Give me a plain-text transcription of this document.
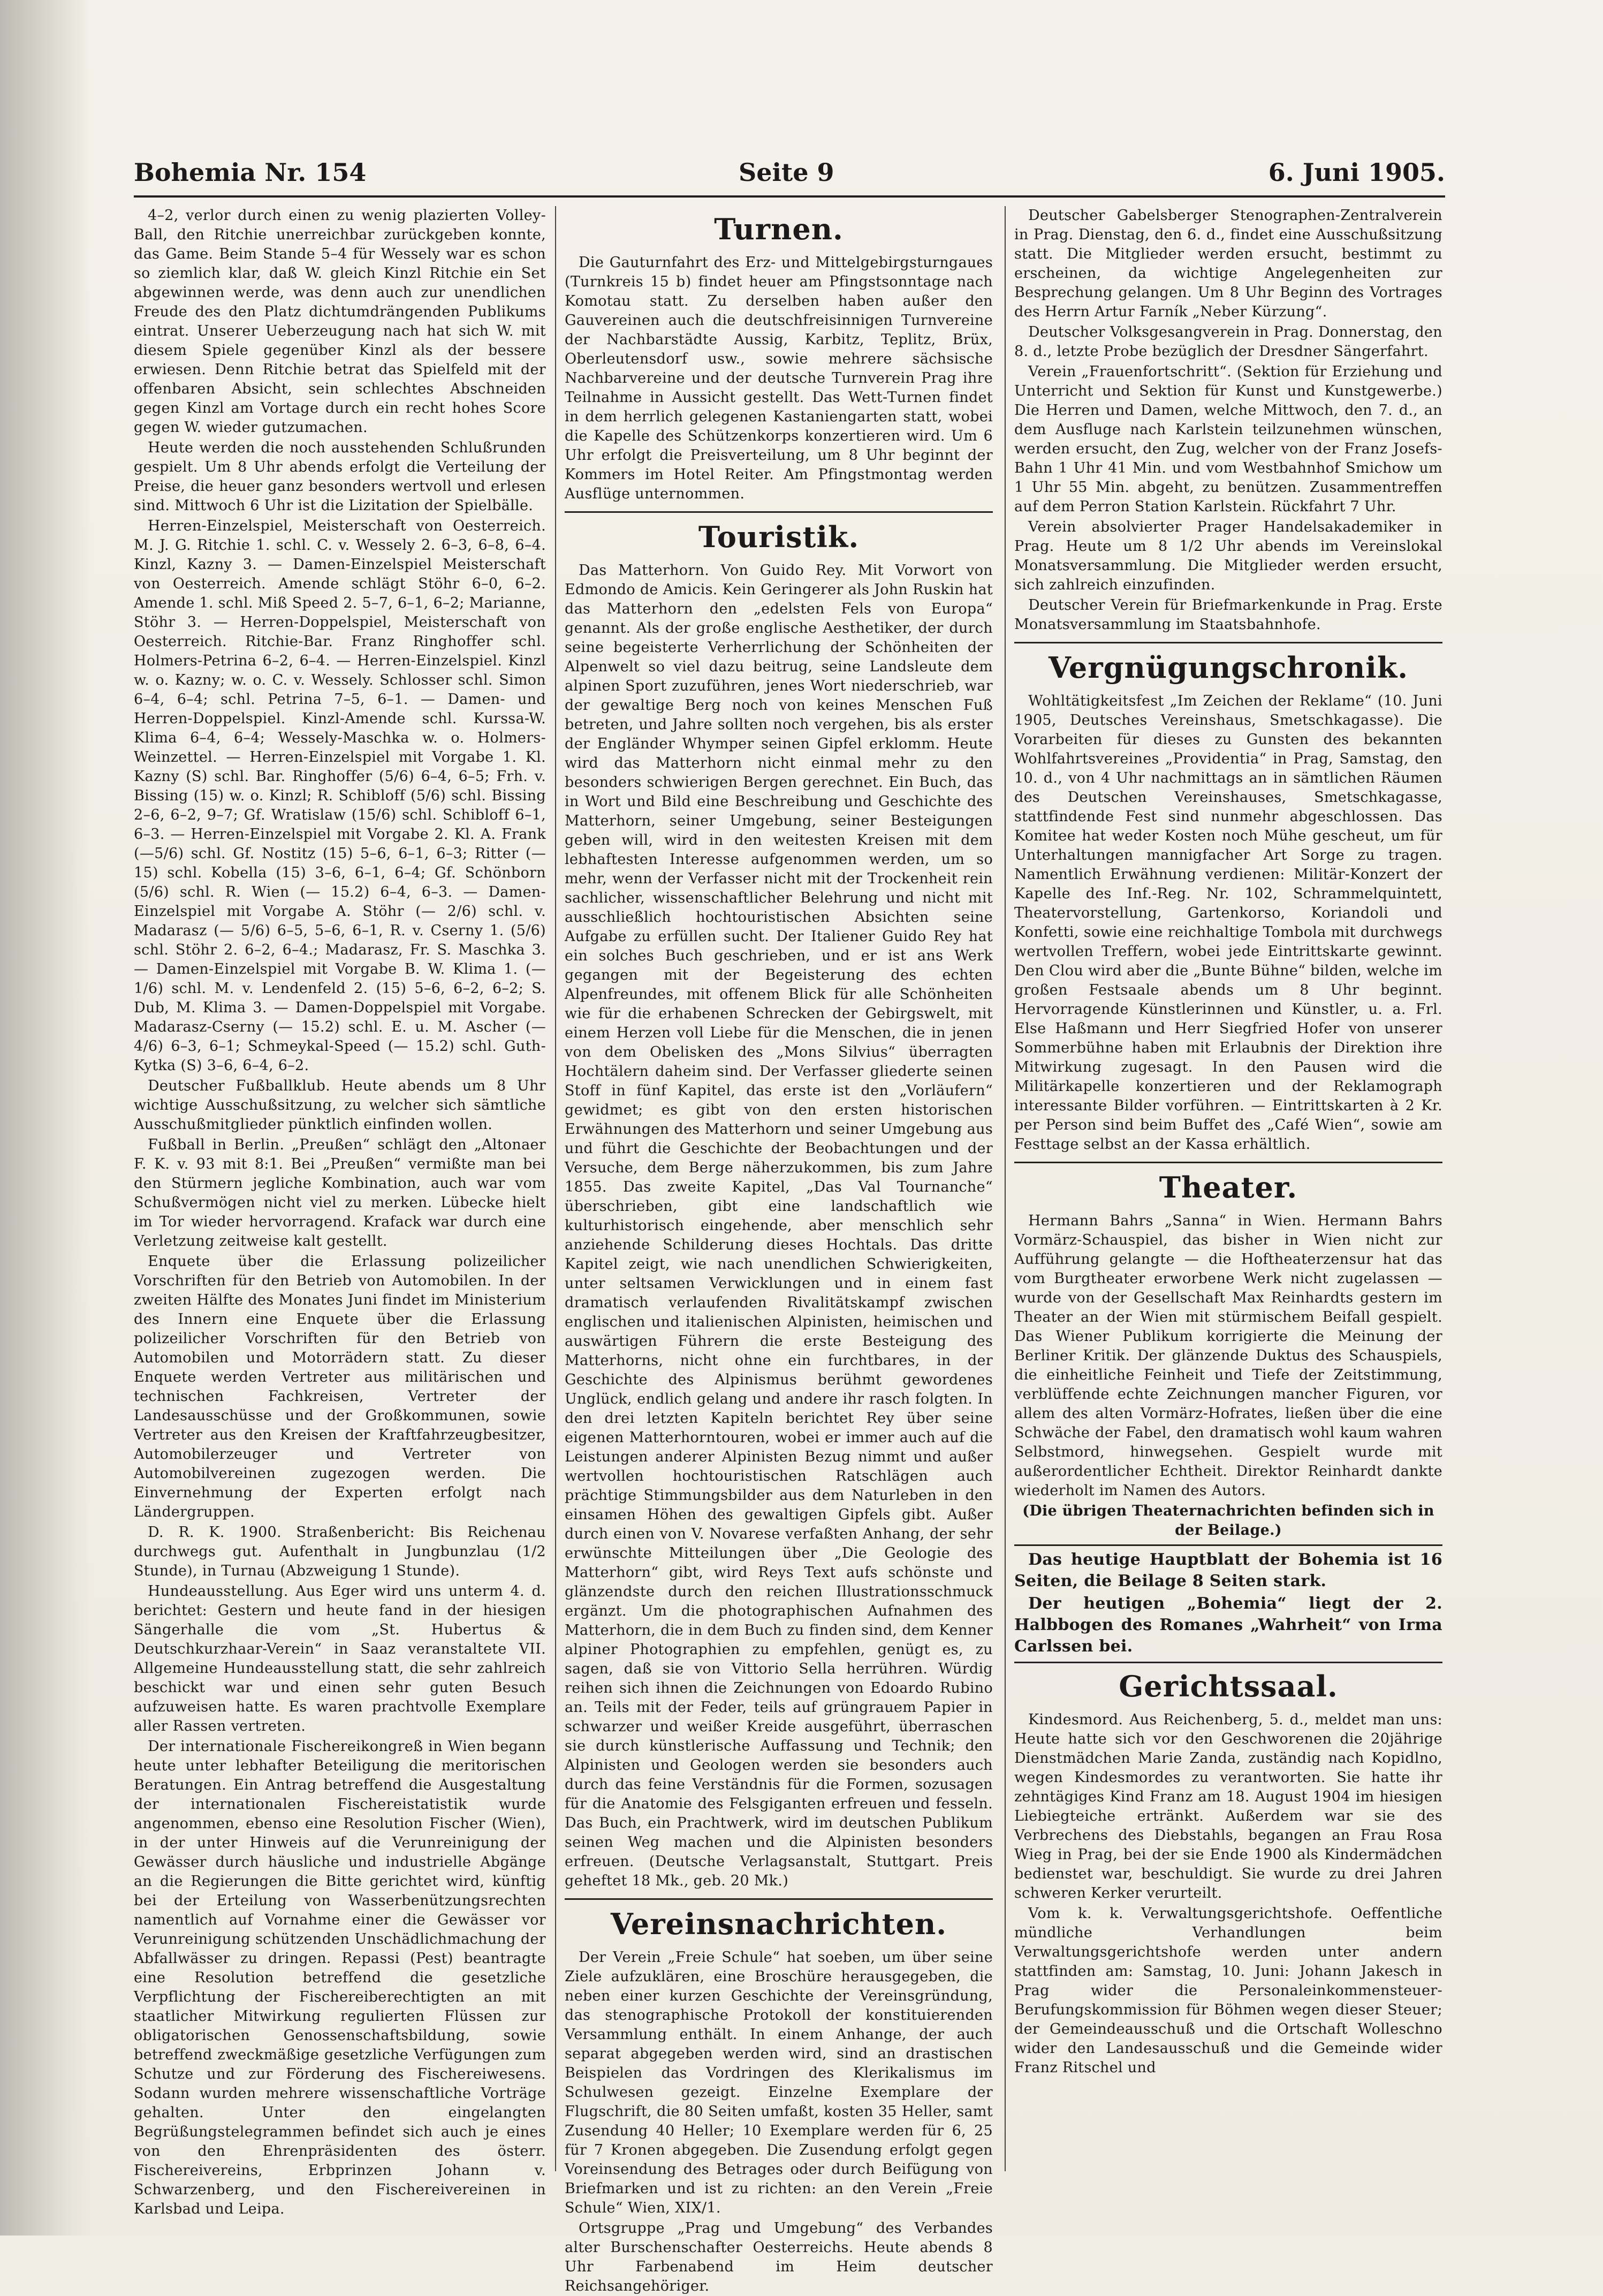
Bohemia Nr. 154	Seite 9	6. Juni 1905.

4–2, verlor durch einen zu wenig plazierten Volley-Ball, den Ritchie unerreichbar zurückgeben konnte, das Game. Beim Stande 5–4 für Wessely war es schon so ziemlich klar, daß W. gleich Kinzl Ritchie ein Set abgewinnen werde, was denn auch zur unendlichen Freude des den Platz dichtumdrängenden Publikums eintrat. Unserer Ueberzeugung nach hat sich W. mit diesem Spiele gegenüber Kinzl als der bessere erwiesen. Denn Ritchie betrat das Spielfeld mit der offenbaren Absicht, sein schlechtes Abschneiden gegen Kinzl am Vortage durch ein recht hohes Score gegen W. wieder gutzumachen.

Heute werden die noch ausstehenden Schlußrunden gespielt. Um 8 Uhr abends erfolgt die Verteilung der Preise, die heuer ganz besonders wertvoll und erlesen sind. Mittwoch 6 Uhr ist die Lizitation der Spielbälle.

Herren-Einzelspiel, Meisterschaft von Oesterreich. M. J. G. Ritchie 1. schl. C. v. Wessely 2. 6–3, 6–8, 6–4. Kinzl, Kazny 3. — Damen-Einzelspiel Meisterschaft von Oesterreich. Amende schlägt Stöhr 6–0, 6–2. Amende 1. schl. Miß Speed 2. 5–7, 6–1, 6–2; Marianne, Stöhr 3. — Herren-Doppelspiel, Meisterschaft von Oesterreich. Ritchie-Bar. Franz Ringhoffer schl. Holmers-Petrina 6–2, 6–4. — Herren-Einzelspiel. Kinzl w. o. Kazny; w. o. C. v. Wessely. Schlosser schl. Simon 6–4, 6–4; schl. Petrina 7–5, 6–1. — Damen- und Herren-Doppelspiel. Kinzl-Amende schl. Kurssa-W. Klima 6–4, 6–4; Wessely-Maschka w. o. Holmers-Weinzettel. — Herren-Einzelspiel mit Vorgabe 1. Kl. Kazny (S) schl. Bar. Ringhoffer (5/6) 6–4, 6–5; Frh. v. Bissing (15) w. o. Kinzl; R. Schibloff (5/6) schl. Bissing 2–6, 6–2, 9–7; Gf. Wratislaw (15/6) schl. Schibloff 6–1, 6–3. — Herren-Einzelspiel mit Vorgabe 2. Kl. A. Frank (—5/6) schl. Gf. Nostitz (15) 5–6, 6–1, 6–3; Ritter (—15) schl. Kobella (15) 3–6, 6–1, 6–4; Gf. Schönborn (5/6) schl. R. Wien (— 15.2) 6–4, 6–3. — Damen-Einzelspiel mit Vorgabe A. Stöhr (— 2/6) schl. v. Madarasz (— 5/6) 6–5, 5–6, 6–1, R. v. Cserny 1. (5/6) schl. Stöhr 2. 6–2, 6–4.; Madarasz, Fr. S. Maschka 3. — Damen-Einzelspiel mit Vorgabe B. W. Klima 1. (—1/6) schl. M. v. Lendenfeld 2. (15) 5–6, 6–2, 6–2; S. Dub, M. Klima 3. — Damen-Doppelspiel mit Vorgabe. Madarasz-Cserny (— 15.2) schl. E. u. M. Ascher (— 4/6) 6–3, 6–1; Schmeykal-Speed (— 15.2) schl. Guth-Kytka (S) 3–6, 6–4, 6–2.

Deutscher Fußballklub. Heute abends um 8 Uhr wichtige Ausschußsitzung, zu welcher sich sämtliche Ausschußmitglieder pünktlich einfinden wollen.

Fußball in Berlin. „Preußen“ schlägt den „Altonaer F. K. v. 93 mit 8:1. Bei „Preußen“ vermißte man bei den Stürmern jegliche Kombination, auch war vom Schußvermögen nicht viel zu merken. Lübecke hielt im Tor wieder hervorragend. Krafack war durch eine Verletzung zeitweise kalt gestellt.

Enquete über die Erlassung polizeilicher Vorschriften für den Betrieb von Automobilen. In der zweiten Hälfte des Monates Juni findet im Ministerium des Innern eine Enquete über die Erlassung polizeilicher Vorschriften für den Betrieb von Automobilen und Motorrädern statt. Zu dieser Enquete werden Vertreter aus militärischen und technischen Fachkreisen, Vertreter der Landesausschüsse und der Großkommunen, sowie Vertreter aus den Kreisen der Kraftfahrzeugbesitzer, Automobilerzeuger und Vertreter von Automobilvereinen zugezogen werden. Die Einvernehmung der Experten erfolgt nach Ländergruppen.

D. R. K. 1900. Straßenbericht: Bis Reichenau durchwegs gut. Aufenthalt in Jungbunzlau (1/2 Stunde), in Turnau (Abzweigung 1 Stunde).

Hundeausstellung. Aus Eger wird uns unterm 4. d. berichtet: Gestern und heute fand in der hiesigen Sängerhalle die vom „St. Hubertus & Deutschkurzhaar-Verein“ in Saaz veranstaltete VII. Allgemeine Hundeausstellung statt, die sehr zahlreich beschickt war und einen sehr guten Besuch aufzuweisen hatte. Es waren prachtvolle Exemplare aller Rassen vertreten.

Der internationale Fischereikongreß in Wien begann heute unter lebhafter Beteiligung die meritorischen Beratungen. Ein Antrag betreffend die Ausgestaltung der internationalen Fischereistatistik wurde angenommen, ebenso eine Resolution Fischer (Wien), in der unter Hinweis auf die Verunreinigung der Gewässer durch häusliche und industrielle Abgänge an die Regierungen die Bitte gerichtet wird, künftig bei der Erteilung von Wasserbenützungsrechten namentlich auf Vornahme einer die Gewässer vor Verunreinigung schützenden Unschädlichmachung der Abfallwässer zu dringen. Repassi (Pest) beantragte eine Resolution betreffend die gesetzliche Verpflichtung der Fischereiberechtigten an mit staatlicher Mitwirkung regulierten Flüssen zur obligatorischen Genossenschaftsbildung, sowie betreffend zweckmäßige gesetzliche Verfügungen zum Schutze und zur Förderung des Fischereiwesens. Sodann wurden mehrere wissenschaftliche Vorträge gehalten. Unter den eingelangten Begrüßungstelegrammen befindet sich auch je eines von den Ehrenpräsidenten des österr. Fischereivereins, Erbprinzen Johann v. Schwarzenberg, und den Fischereivereinen in Karlsbad und Leipa.

Turnen.

Die Gauturnfahrt des Erz- und Mittelgebirgsturngaues (Turnkreis 15 b) findet heuer am Pfingstsonntage nach Komotau statt. Zu derselben haben außer den Gauvereinen auch die deutschfreisinnigen Turnvereine der Nachbarstädte Aussig, Karbitz, Teplitz, Brüx, Oberleutensdorf usw., sowie mehrere sächsische Nachbarvereine und der deutsche Turnverein Prag ihre Teilnahme in Aussicht gestellt. Das Wett-Turnen findet in dem herrlich gelegenen Kastaniengarten statt, wobei die Kapelle des Schützenkorps konzertieren wird. Um 6 Uhr erfolgt die Preisverteilung, um 8 Uhr beginnt der Kommers im Hotel Reiter. Am Pfingstmontag werden Ausflüge unternommen.

Touristik.

Das Matterhorn. Von Guido Rey. Mit Vorwort von Edmondo de Amicis. Kein Geringerer als John Ruskin hat das Matterhorn den „edelsten Fels von Europa“ genannt. Als der große englische Aesthetiker, der durch seine begeisterte Verherrlichung der Schönheiten der Alpenwelt so viel dazu beitrug, seine Landsleute dem alpinen Sport zuzuführen, jenes Wort niederschrieb, war der gewaltige Berg noch von keines Menschen Fuß betreten, und Jahre sollten noch vergehen, bis als erster der Engländer Whymper seinen Gipfel erklomm. Heute wird das Matterhorn nicht einmal mehr zu den besonders schwierigen Bergen gerechnet. Ein Buch, das in Wort und Bild eine Beschreibung und Geschichte des Matterhorn, seiner Umgebung, seiner Besteigungen geben will, wird in den weitesten Kreisen mit dem lebhaftesten Interesse aufgenommen werden, um so mehr, wenn der Verfasser nicht mit der Trockenheit rein sachlicher, wissenschaftlicher Belehrung und nicht mit ausschließlich hochtouristischen Absichten seine Aufgabe zu erfüllen sucht. Der Italiener Guido Rey hat ein solches Buch geschrieben, und er ist ans Werk gegangen mit der Begeisterung des echten Alpenfreundes, mit offenem Blick für alle Schönheiten wie für die erhabenen Schrecken der Gebirgswelt, mit einem Herzen voll Liebe für die Menschen, die in jenen von dem Obelisken des „Mons Silvius“ überragten Hochtälern daheim sind. Der Verfasser gliederte seinen Stoff in fünf Kapitel, das erste ist den „Vorläufern“ gewidmet; es gibt von den ersten historischen Erwähnungen des Matterhorn und seiner Umgebung aus und führt die Geschichte der Beobachtungen und der Versuche, dem Berge näherzukommen, bis zum Jahre 1855. Das zweite Kapitel, „Das Val Tournanche“ überschrieben, gibt eine landschaftlich wie kulturhistorisch eingehende, aber menschlich sehr anziehende Schilderung dieses Hochtals. Das dritte Kapitel zeigt, wie nach unendlichen Schwierigkeiten, unter seltsamen Verwicklungen und in einem fast dramatisch verlaufenden Rivalitätskampf zwischen englischen und italienischen Alpinisten, heimischen und auswärtigen Führern die erste Besteigung des Matterhorns, nicht ohne ein furchtbares, in der Geschichte des Alpinismus berühmt gewordenes Unglück, endlich gelang und andere ihr rasch folgten. In den drei letzten Kapiteln berichtet Rey über seine eigenen Matterhorntouren, wobei er immer auch auf die Leistungen anderer Alpinisten Bezug nimmt und außer wertvollen hochtouristischen Ratschlägen auch prächtige Stimmungsbilder aus dem Naturleben in den einsamen Höhen des gewaltigen Gipfels gibt. Außer durch einen von V. Novarese verfaßten Anhang, der sehr erwünschte Mitteilungen über „Die Geologie des Matterhorn“ gibt, wird Reys Text aufs schönste und glänzendste durch den reichen Illustrationsschmuck ergänzt. Um die photographischen Aufnahmen des Matterhorn, die in dem Buch zu finden sind, dem Kenner alpiner Photographien zu empfehlen, genügt es, zu sagen, daß sie von Vittorio Sella herrühren. Würdig reihen sich ihnen die Zeichnungen von Edoardo Rubino an. Teils mit der Feder, teils auf grüngrauem Papier in schwarzer und weißer Kreide ausgeführt, überraschen sie durch künstlerische Auffassung und Technik; den Alpinisten und Geologen werden sie besonders auch durch das feine Verständnis für die Formen, sozusagen für die Anatomie des Felsgiganten erfreuen und fesseln. Das Buch, ein Prachtwerk, wird im deutschen Publikum seinen Weg machen und die Alpinisten besonders erfreuen. (Deutsche Verlagsanstalt, Stuttgart. Preis geheftet 18 Mk., geb. 20 Mk.)

Vereinsnachrichten.

Der Verein „Freie Schule“ hat soeben, um über seine Ziele aufzuklären, eine Broschüre herausgegeben, die neben einer kurzen Geschichte der Vereinsgründung, das stenographische Protokoll der konstituierenden Versammlung enthält. In einem Anhange, der auch separat abgegeben werden wird, sind an drastischen Beispielen das Vordringen des Klerikalismus im Schulwesen gezeigt. Einzelne Exemplare der Flugschrift, die 80 Seiten umfaßt, kosten 35 Heller, samt Zusendung 40 Heller; 10 Exemplare werden für 6, 25 für 7 Kronen abgegeben. Die Zusendung erfolgt gegen Voreinsendung des Betrages oder durch Beifügung von Briefmarken und ist zu richten: an den Verein „Freie Schule“ Wien, XIX/1.

Ortsgruppe „Prag und Umgebung“ des Verbandes alter Burschenschafter Oesterreichs. Heute abends 8 Uhr Farbenabend im Heim deutscher Reichsangehöriger.

Deutscher Gabelsberger Stenographen-Zentralverein in Prag. Dienstag, den 6. d., findet eine Ausschußsitzung statt. Die Mitglieder werden ersucht, bestimmt zu erscheinen, da wichtige Angelegenheiten zur Besprechung gelangen. Um 8 Uhr Beginn des Vortrages des Herrn Artur Farník „Neber Kürzung“.

Deutscher Volksgesangverein in Prag. Donnerstag, den 8. d., letzte Probe bezüglich der Dresdner Sängerfahrt.

Verein „Frauenfortschritt“. (Sektion für Erziehung und Unterricht und Sektion für Kunst und Kunstgewerbe.) Die Herren und Damen, welche Mittwoch, den 7. d., an dem Ausfluge nach Karlstein teilzunehmen wünschen, werden ersucht, den Zug, welcher von der Franz Josefs-Bahn 1 Uhr 41 Min. und vom Westbahnhof Smichow um 1 Uhr 55 Min. abgeht, zu benützen. Zusammentreffen auf dem Perron Station Karlstein. Rückfahrt 7 Uhr.

Verein absolvierter Prager Handelsakademiker in Prag. Heute um 8 1/2 Uhr abends im Vereinslokal Monatsversammlung. Die Mitglieder werden ersucht, sich zahlreich einzufinden.

Deutscher Verein für Briefmarkenkunde in Prag. Erste Monatsversammlung im Staatsbahnhofe.

Vergnügungschronik.

Wohltätigkeitsfest „Im Zeichen der Reklame“ (10. Juni 1905, Deutsches Vereinshaus, Smetschkagasse). Die Vorarbeiten für dieses zu Gunsten des bekannten Wohlfahrtsvereines „Providentia“ in Prag, Samstag, den 10. d., von 4 Uhr nachmittags an in sämtlichen Räumen des Deutschen Vereinshauses, Smetschkagasse, stattfindende Fest sind nunmehr abgeschlossen. Das Komitee hat weder Kosten noch Mühe gescheut, um für Unterhaltungen mannigfacher Art Sorge zu tragen. Namentlich Erwähnung verdienen: Militär-Konzert der Kapelle des Inf.-Reg. Nr. 102, Schrammelquintett, Theatervorstellung, Gartenkorso, Koriandoli und Konfetti, sowie eine reichhaltige Tombola mit durchwegs wertvollen Treffern, wobei jede Eintrittskarte gewinnt. Den Clou wird aber die „Bunte Bühne“ bilden, welche im großen Festsaale abends um 8 Uhr beginnt. Hervorragende Künstlerinnen und Künstler, u. a. Frl. Else Haßmann und Herr Siegfried Hofer von unserer Sommerbühne haben mit Erlaubnis der Direktion ihre Mitwirkung zugesagt. In den Pausen wird die Militärkapelle konzertieren und der Reklamograph interessante Bilder vorführen. — Eintrittskarten à 2 Kr. per Person sind beim Buffet des „Café Wien“, sowie am Festtage selbst an der Kassa erhältlich.

Theater.

Hermann Bahrs „Sanna“ in Wien. Hermann Bahrs Vormärz-Schauspiel, das bisher in Wien nicht zur Aufführung gelangte — die Hoftheaterzensur hat das vom Burgtheater erworbene Werk nicht zugelassen — wurde von der Gesellschaft Max Reinhardts gestern im Theater an der Wien mit stürmischem Beifall gespielt. Das Wiener Publikum korrigierte die Meinung der Berliner Kritik. Der glänzende Duktus des Schauspiels, die einheitliche Feinheit und Tiefe der Zeitstimmung, verblüffende echte Zeichnungen mancher Figuren, vor allem des alten Vormärz-Hofrates, ließen über die eine Schwäche der Fabel, den dramatisch wohl kaum wahren Selbstmord, hinwegsehen. Gespielt wurde mit außerordentlicher Echtheit. Direktor Reinhardt dankte wiederholt im Namen des Autors.

(Die übrigen Theaternachrichten befinden sich in der Beilage.)

Das heutige Hauptblatt der Bohemia ist 16 Seiten, die Beilage 8 Seiten stark.

Der heutigen „Bohemia“ liegt der 2. Halbbogen des Romanes „Wahrheit“ von Irma Carlssen bei.

Gerichtssaal.

Kindesmord. Aus Reichenberg, 5. d., meldet man uns: Heute hatte sich vor den Geschworenen die 20jährige Dienstmädchen Marie Zanda, zuständig nach Kopidlno, wegen Kindesmordes zu verantworten. Sie hatte ihr zehntägiges Kind Franz am 18. August 1904 im hiesigen Liebiegteiche ertränkt. Außerdem war sie des Verbrechens des Diebstahls, begangen an Frau Rosa Wieg in Prag, bei der sie Ende 1900 als Kindermädchen bedienstet war, beschuldigt. Sie wurde zu drei Jahren schweren Kerker verurteilt.

Vom k. k. Verwaltungsgerichtshofe. Oeffentliche mündliche Verhandlungen beim Verwaltungsgerichtshofe werden unter andern stattfinden am: Samstag, 10. Juni: Johann Jakesch in Prag wider die Personaleinkommensteuer-Berufungskommission für Böhmen wegen dieser Steuer; der Gemeindeausschuß und die Ortschaft Wolleschno wider den Landesausschuß und die Gemeinde wider Franz Ritschel und
